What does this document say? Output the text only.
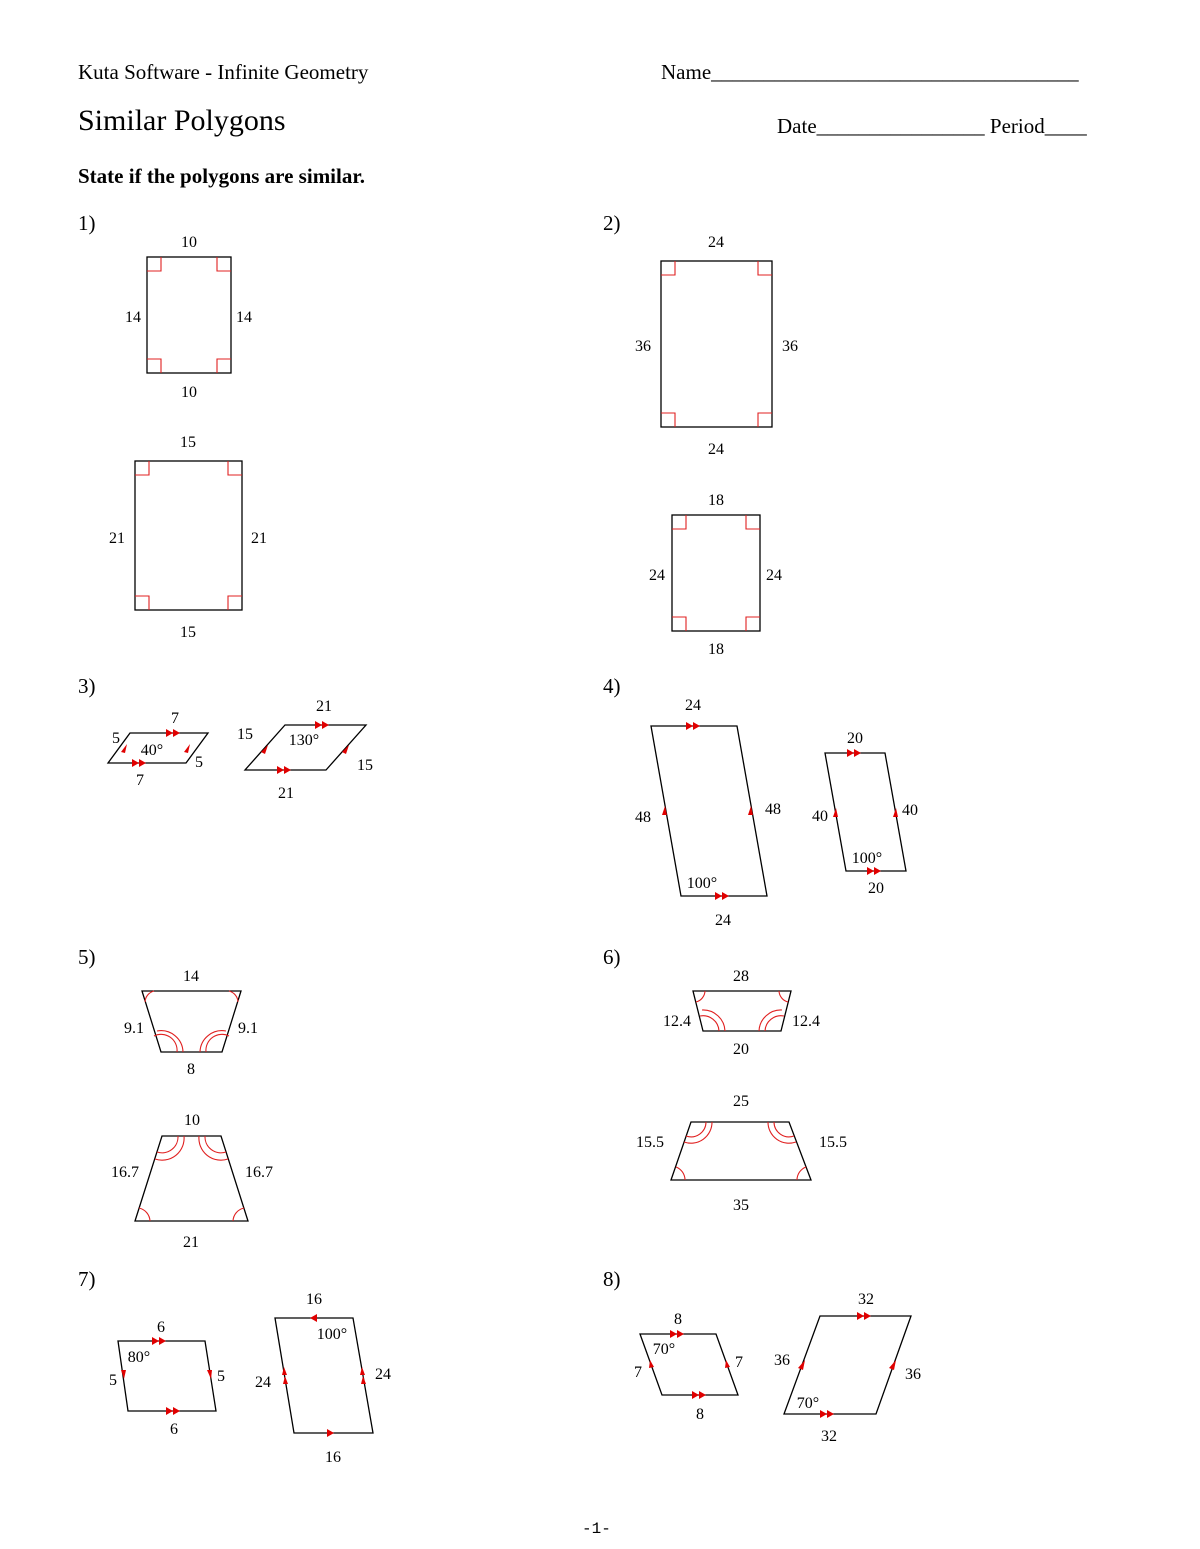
Kuta Software - Infinite Geometry	Name___________________________________
Similar Polygons	Date________________ Period____
State if the polygons are similar.
1)
10
10
14	14
15
15
21	21
2)
24
24
36	36
18
18
24	24
3)
7
7
5
5
40°
21
21
15
15
130°
4)
24
24
48	48
100°
20
20
40	40
100°
5)
14
8
9.1	9.1
10
21
16.7	16.7
6)
28
20
12.4	12.4
25
35
15.5	15.5
7)
6
6
5	5
80°
16
16
24	24
100°
8)
8
8
7
7
70°
32
32
36
36
70°
-1-
